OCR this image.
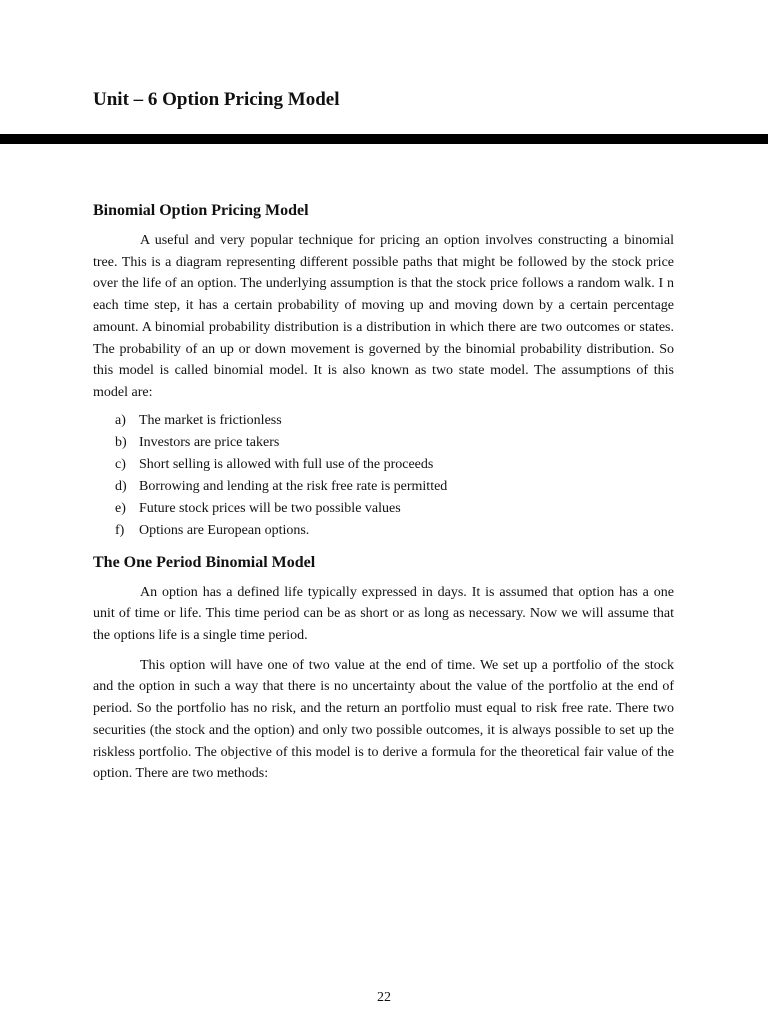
Unit – 6 Option Pricing Model
Binomial Option Pricing Model

A useful and very popular technique for pricing an option involves constructing a binomial tree. This is a diagram representing different possible paths that might be followed by the stock price over the life of an option. The underlying assumption is that the stock price follows a random walk. I n each time step, it has a certain probability of moving up and moving down by a certain percentage amount. A binomial probability distribution is a distribution in which there are two outcomes or states. The probability of an up or down movement is governed by the binomial probability distribution. So this model is called binomial model. It is also known as two state model. The assumptions of this model are:

a) The market is frictionless
b) Investors are price takers
c) Short selling is allowed with full use of the proceeds
d) Borrowing and lending at the risk free rate is permitted
e) Future stock prices will be two possible values
f)	Options are European options.
The One Period Binomial Model

An option has a defined life typically expressed in days. It is assumed that option has a one unit of time or life. This time period can be as short or as long as necessary. Now we will assume that the options life is a single time period.

This option will have one of two value at the end of time. We set up a portfolio of the stock and the option in such a way that there is no uncertainty about the value of the portfolio at the end of period. So the portfolio has no risk, and the return an portfolio must equal to risk free rate. There two securities (the stock and the option) and only two possible outcomes, it is always possible to set up the riskless portfolio. The objective of this model is to derive a formula for the theoretical fair value of the option. There are two methods:

22
